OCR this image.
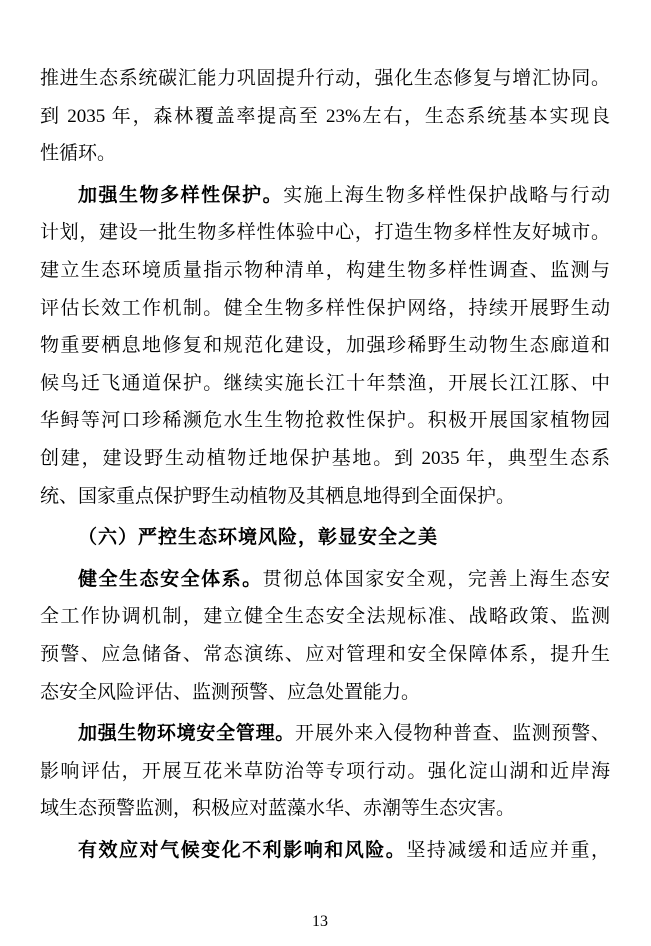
推进生态系统碳汇能力巩固提升行动，强化生态修复与增汇协同。
到 2035 年，森林覆盖率提高至 23%左右，生态系统基本实现良
性循环。
加强生物多样性保护。实施上海生物多样性保护战略与行动
计划，建设一批生物多样性体验中心，打造生物多样性友好城市。
建立生态环境质量指示物种清单，构建生物多样性调查、监测与
评估长效工作机制。健全生物多样性保护网络，持续开展野生动
物重要栖息地修复和规范化建设，加强珍稀野生动物生态廊道和
候鸟迁飞通道保护。继续实施长江十年禁渔，开展长江江豚、中
华鲟等河口珍稀濒危水生生物抢救性保护。积极开展国家植物园
创建，建设野生动植物迁地保护基地。到 2035 年，典型生态系
统、国家重点保护野生动植物及其栖息地得到全面保护。
（六）严控生态环境风险，彰显安全之美
健全生态安全体系。贯彻总体国家安全观，完善上海生态安
全工作协调机制，建立健全生态安全法规标准、战略政策、监测
预警、应急储备、常态演练、应对管理和安全保障体系，提升生
态安全风险评估、监测预警、应急处置能力。
加强生物环境安全管理。开展外来入侵物种普查、监测预警、
影响评估，开展互花米草防治等专项行动。强化淀山湖和近岸海
域生态预警监测，积极应对蓝藻水华、赤潮等生态灾害。
有效应对气候变化不利影响和风险。坚持减缓和适应并重，
13
